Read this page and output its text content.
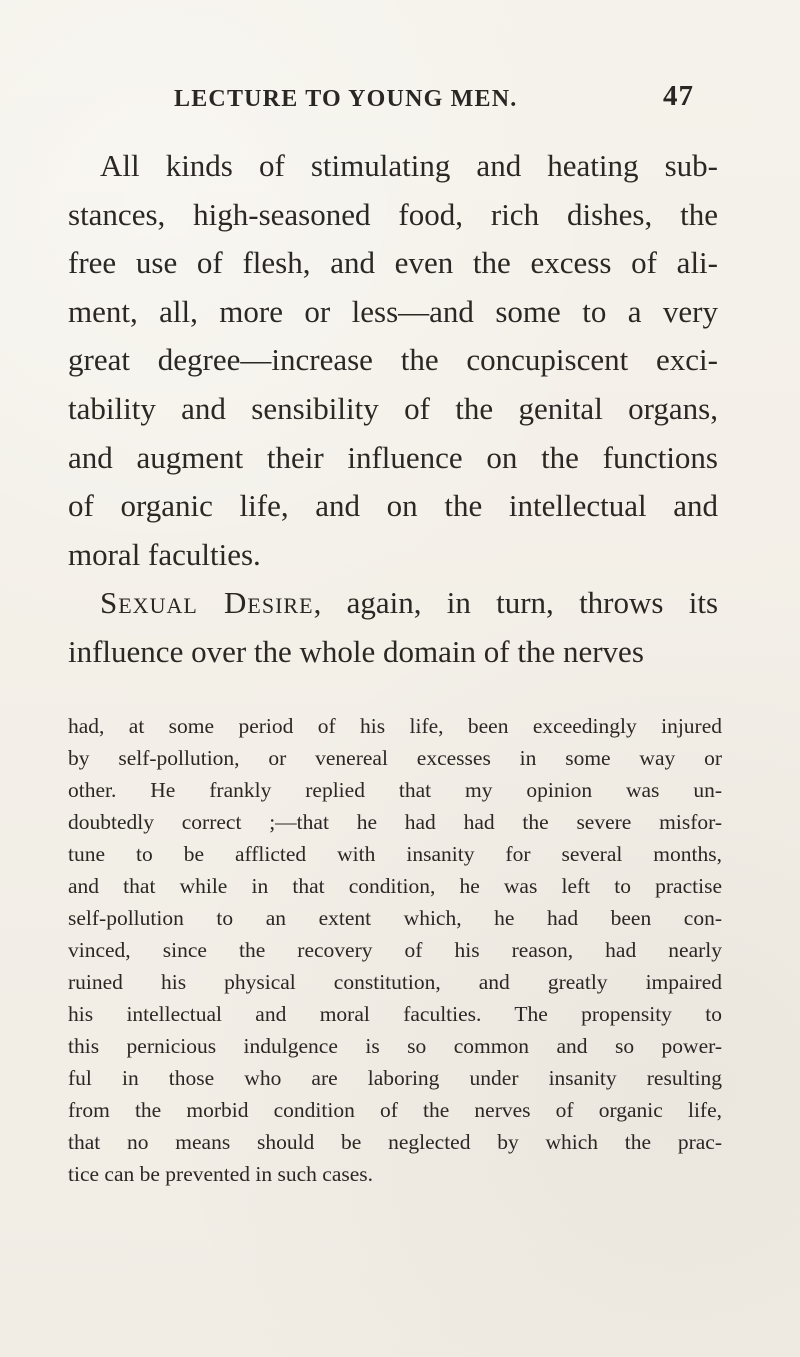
LECTURE TO YOUNG MEN.	47
All kinds of stimulating and heating sub-
stances, high-seasoned food, rich dishes, the
free use of flesh, and even the excess of ali-
ment, all, more or less—and some to a very
great degree—increase the concupiscent exci-
tability and sensibility of the genital organs,
and augment their influence on the functions
of organic life, and on the intellectual and
moral faculties.
Sexual Desire, again, in turn, throws its
influence over the whole domain of the nerves
had, at some period of his life, been exceedingly injured
by self-pollution, or venereal excesses in some way or
other. He frankly replied that my opinion was un-
doubtedly correct ;—that he had had the severe misfor-
tune to be afflicted with insanity for several months,
and that while in that condition, he was left to practise
self-pollution to an extent which, he had been con-
vinced, since the recovery of his reason, had nearly
ruined his physical constitution, and greatly impaired
his intellectual and moral faculties. The propensity to
this pernicious indulgence is so common and so power-
ful in those who are laboring under insanity resulting
from the morbid condition of the nerves of organic life,
that no means should be neglected by which the prac-
tice can be prevented in such cases.
